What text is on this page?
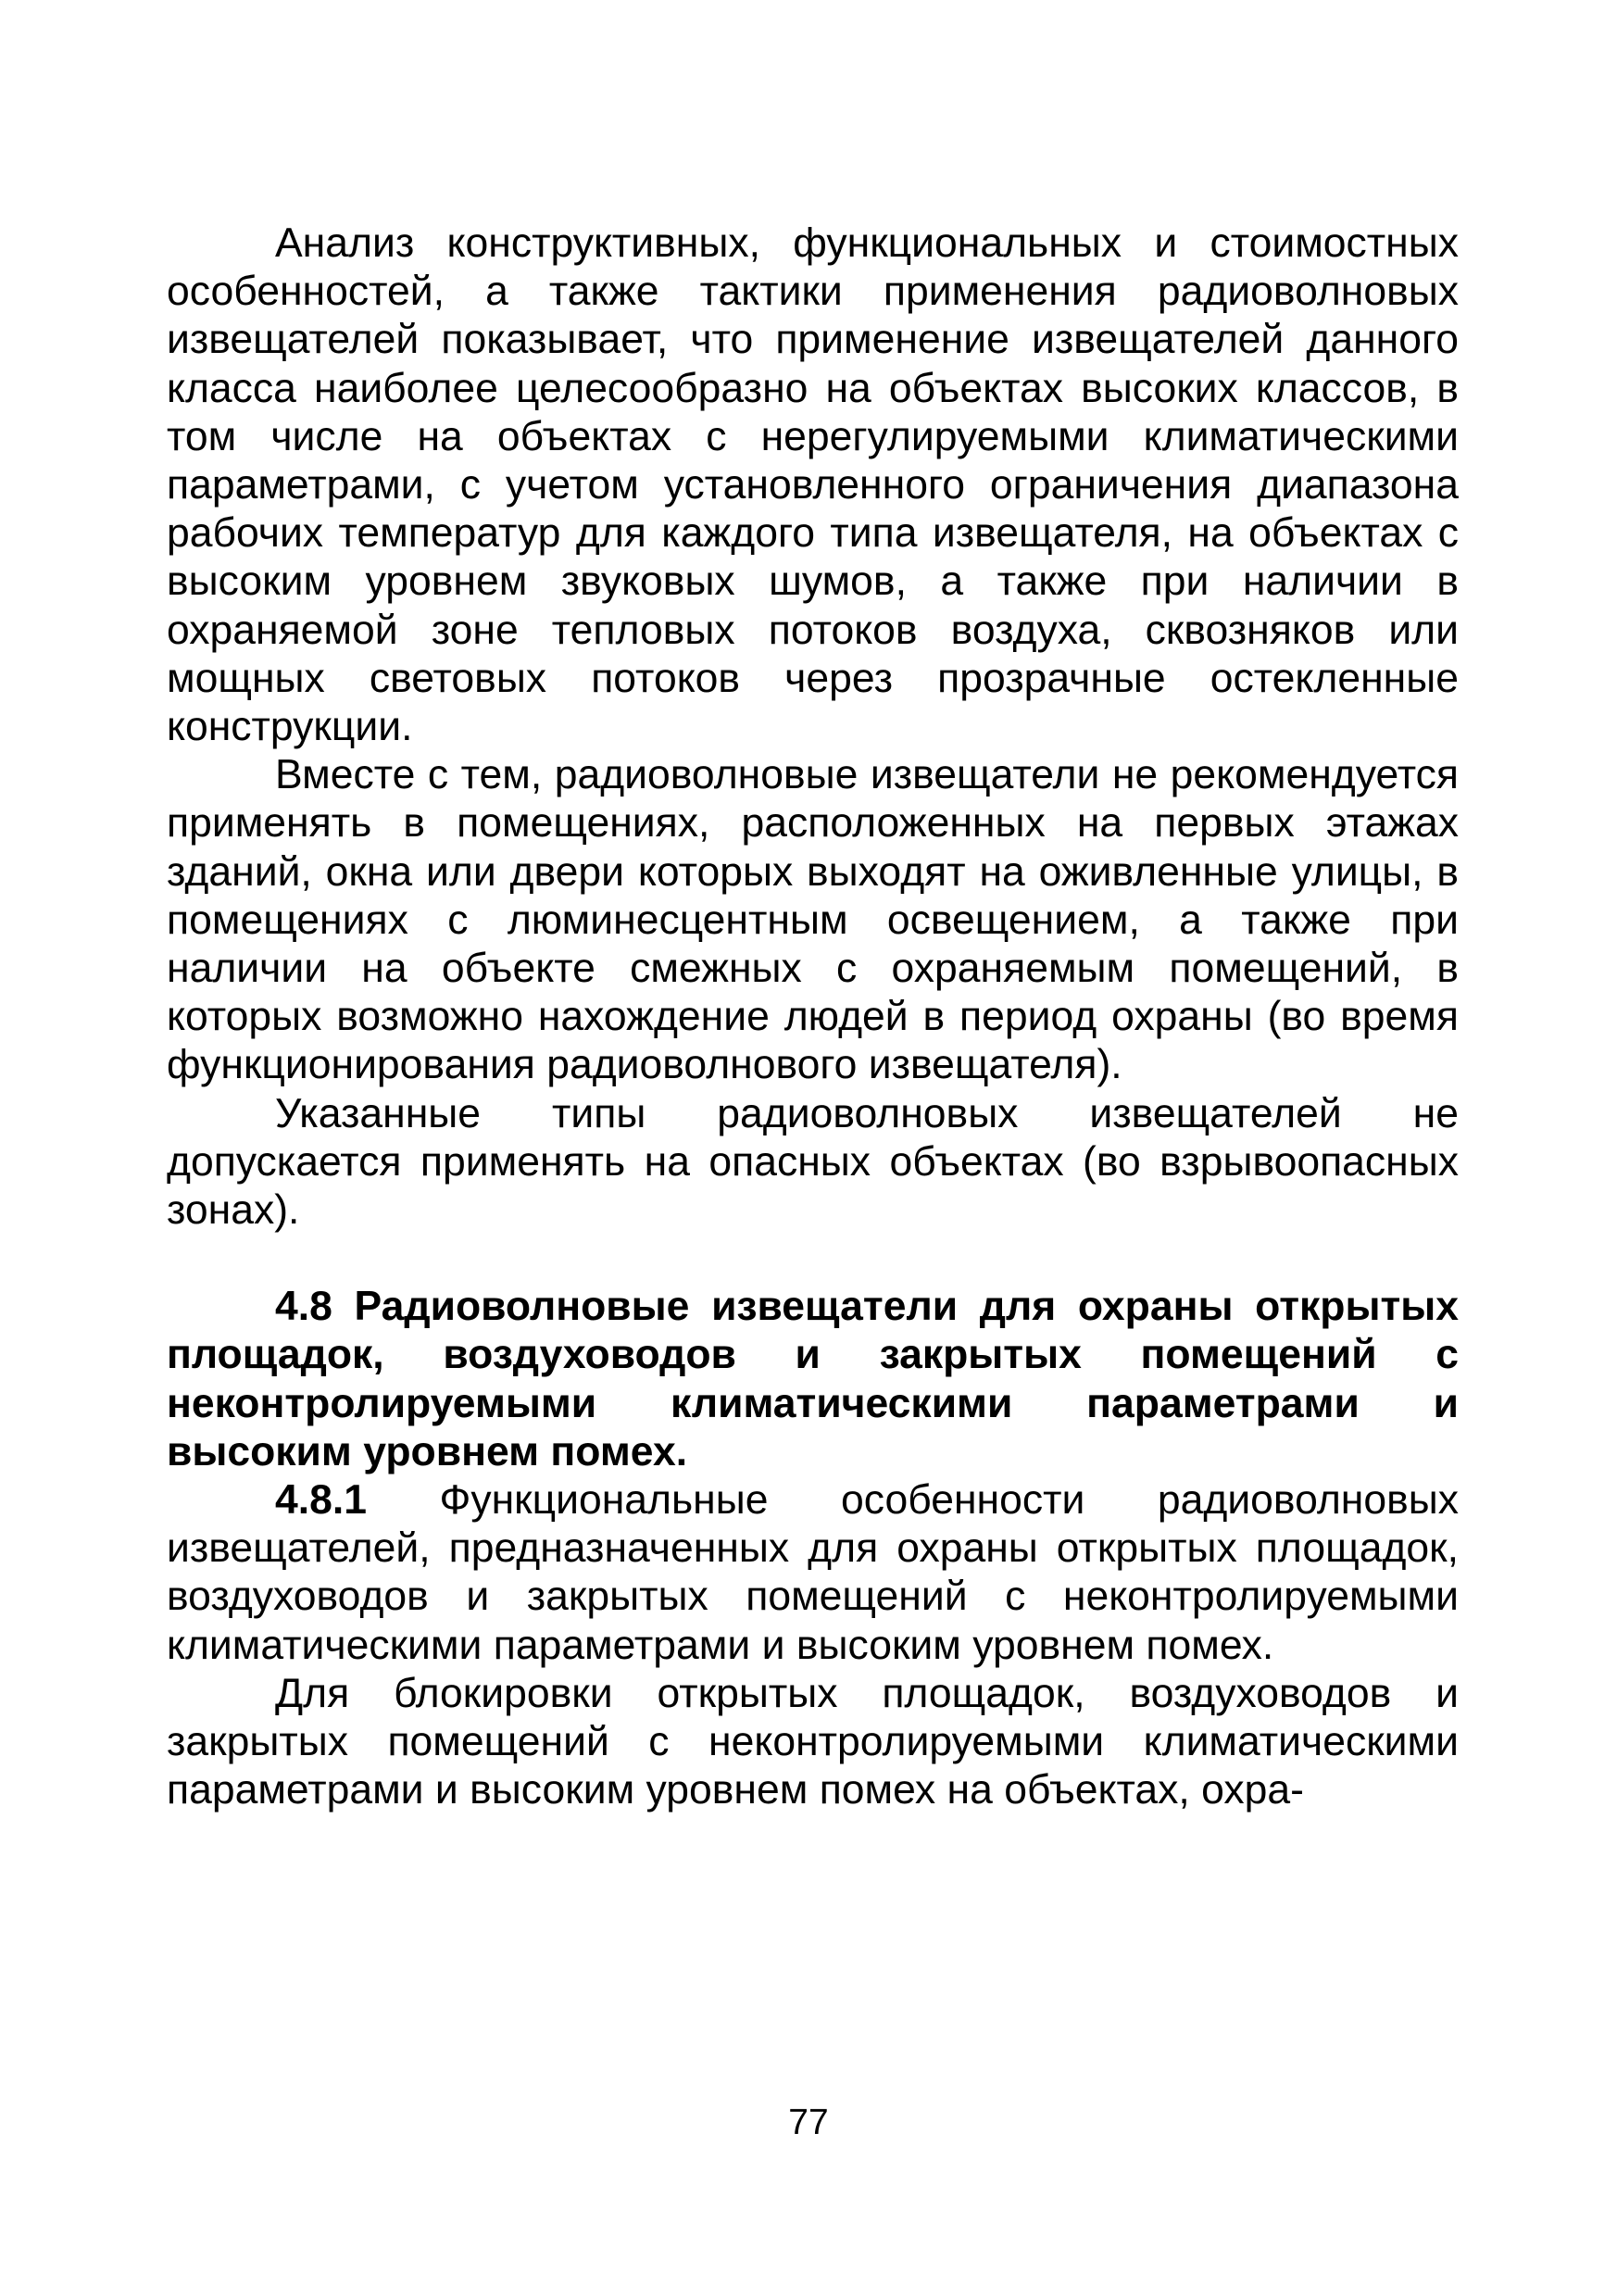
Анализ конструктивных, функциональных и стоимостных особенностей, а также тактики применения радиоволновых извещателей показывает, что применение извещателей данного класса наиболее целесообразно на объектах высоких классов, в том числе на объектах с нерегулируемыми климатическими параметрами, с учетом установленного ограничения диапазона рабочих температур для каждого типа извещателя, на объектах с высоким уровнем звуковых шумов, а также при наличии в охраняемой зоне тепловых потоков воздуха, сквозняков или мощных световых потоков через прозрачные остекленные конструкции.

Вместе с тем, радиоволновые извещатели не рекомендуется применять в помещениях, расположенных на первых этажах зданий, окна или двери которых выходят на оживленные улицы, в помещениях с люминесцентным освещением, а также при наличии на объекте смежных с охраняемым помещений, в которых возможно нахождение людей в период охраны (во время функционирования радиоволнового извещателя).

Указанные типы радиоволновых извещателей не допускается применять на опасных объектах (во взрывоопасных зонах).

4.8 Радиоволновые извещатели для охраны открытых площадок, воздуховодов и закрытых помещений с неконтролируемыми климатическими параметрами и высоким уровнем помех.

4.8.1 Функциональные особенности радиоволновых извещателей, предназначенных для охраны открытых площадок, воздуховодов и закрытых помещений с неконтролируемыми климатическими параметрами и высоким уровнем помех.

Для блокировки открытых площадок, воздуховодов и закрытых помещений с неконтролируемыми климатическими параметрами и высоким уровнем помех на объектах, охра-

77
